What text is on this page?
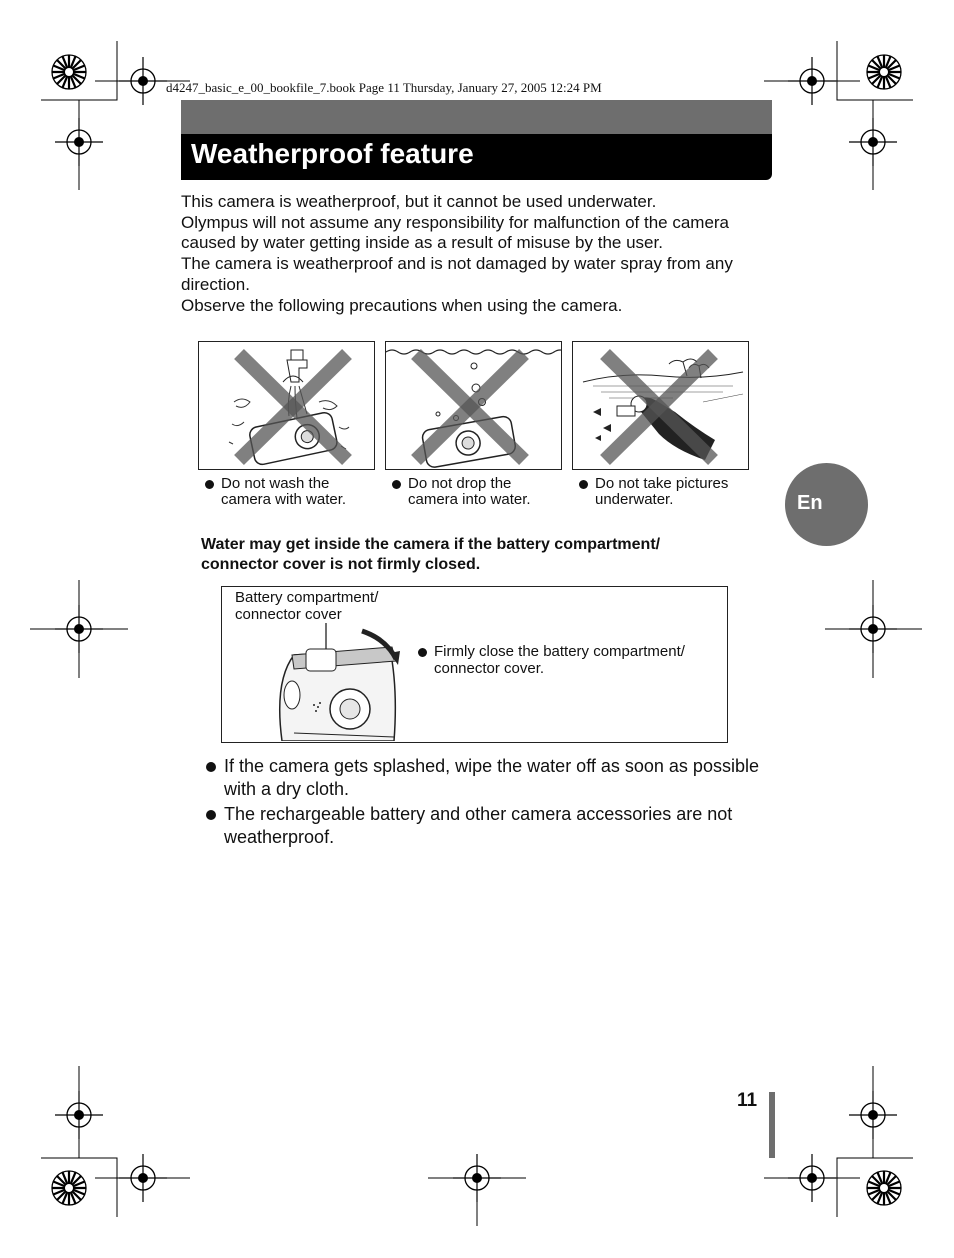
d4247_basic_e_00_bookfile_7.book Page 11 Thursday, January 27, 2005 12:24 PM
Weatherproof feature

This camera is weatherproof, but it cannot be used underwater.

Olympus will not assume any responsibility for malfunction of the camera caused by water getting inside as a result of misuse by the user.

The camera is weatherproof and is not damaged by water spray from any direction.

Observe the following precautions when using the camera.

Do not wash the
camera with water.
Do not drop the
camera into water.
Do not take pictures
underwater.
Water may get inside the camera if the battery compartment/
connector cover is not firmly closed.
Battery compartment/
connector cover
Firmly close the battery compartment/
connector cover.
If the camera gets splashed, wipe the water off as soon as possible
with a dry cloth.
The rechargeable battery and other camera accessories are not
weatherproof.
En
11
